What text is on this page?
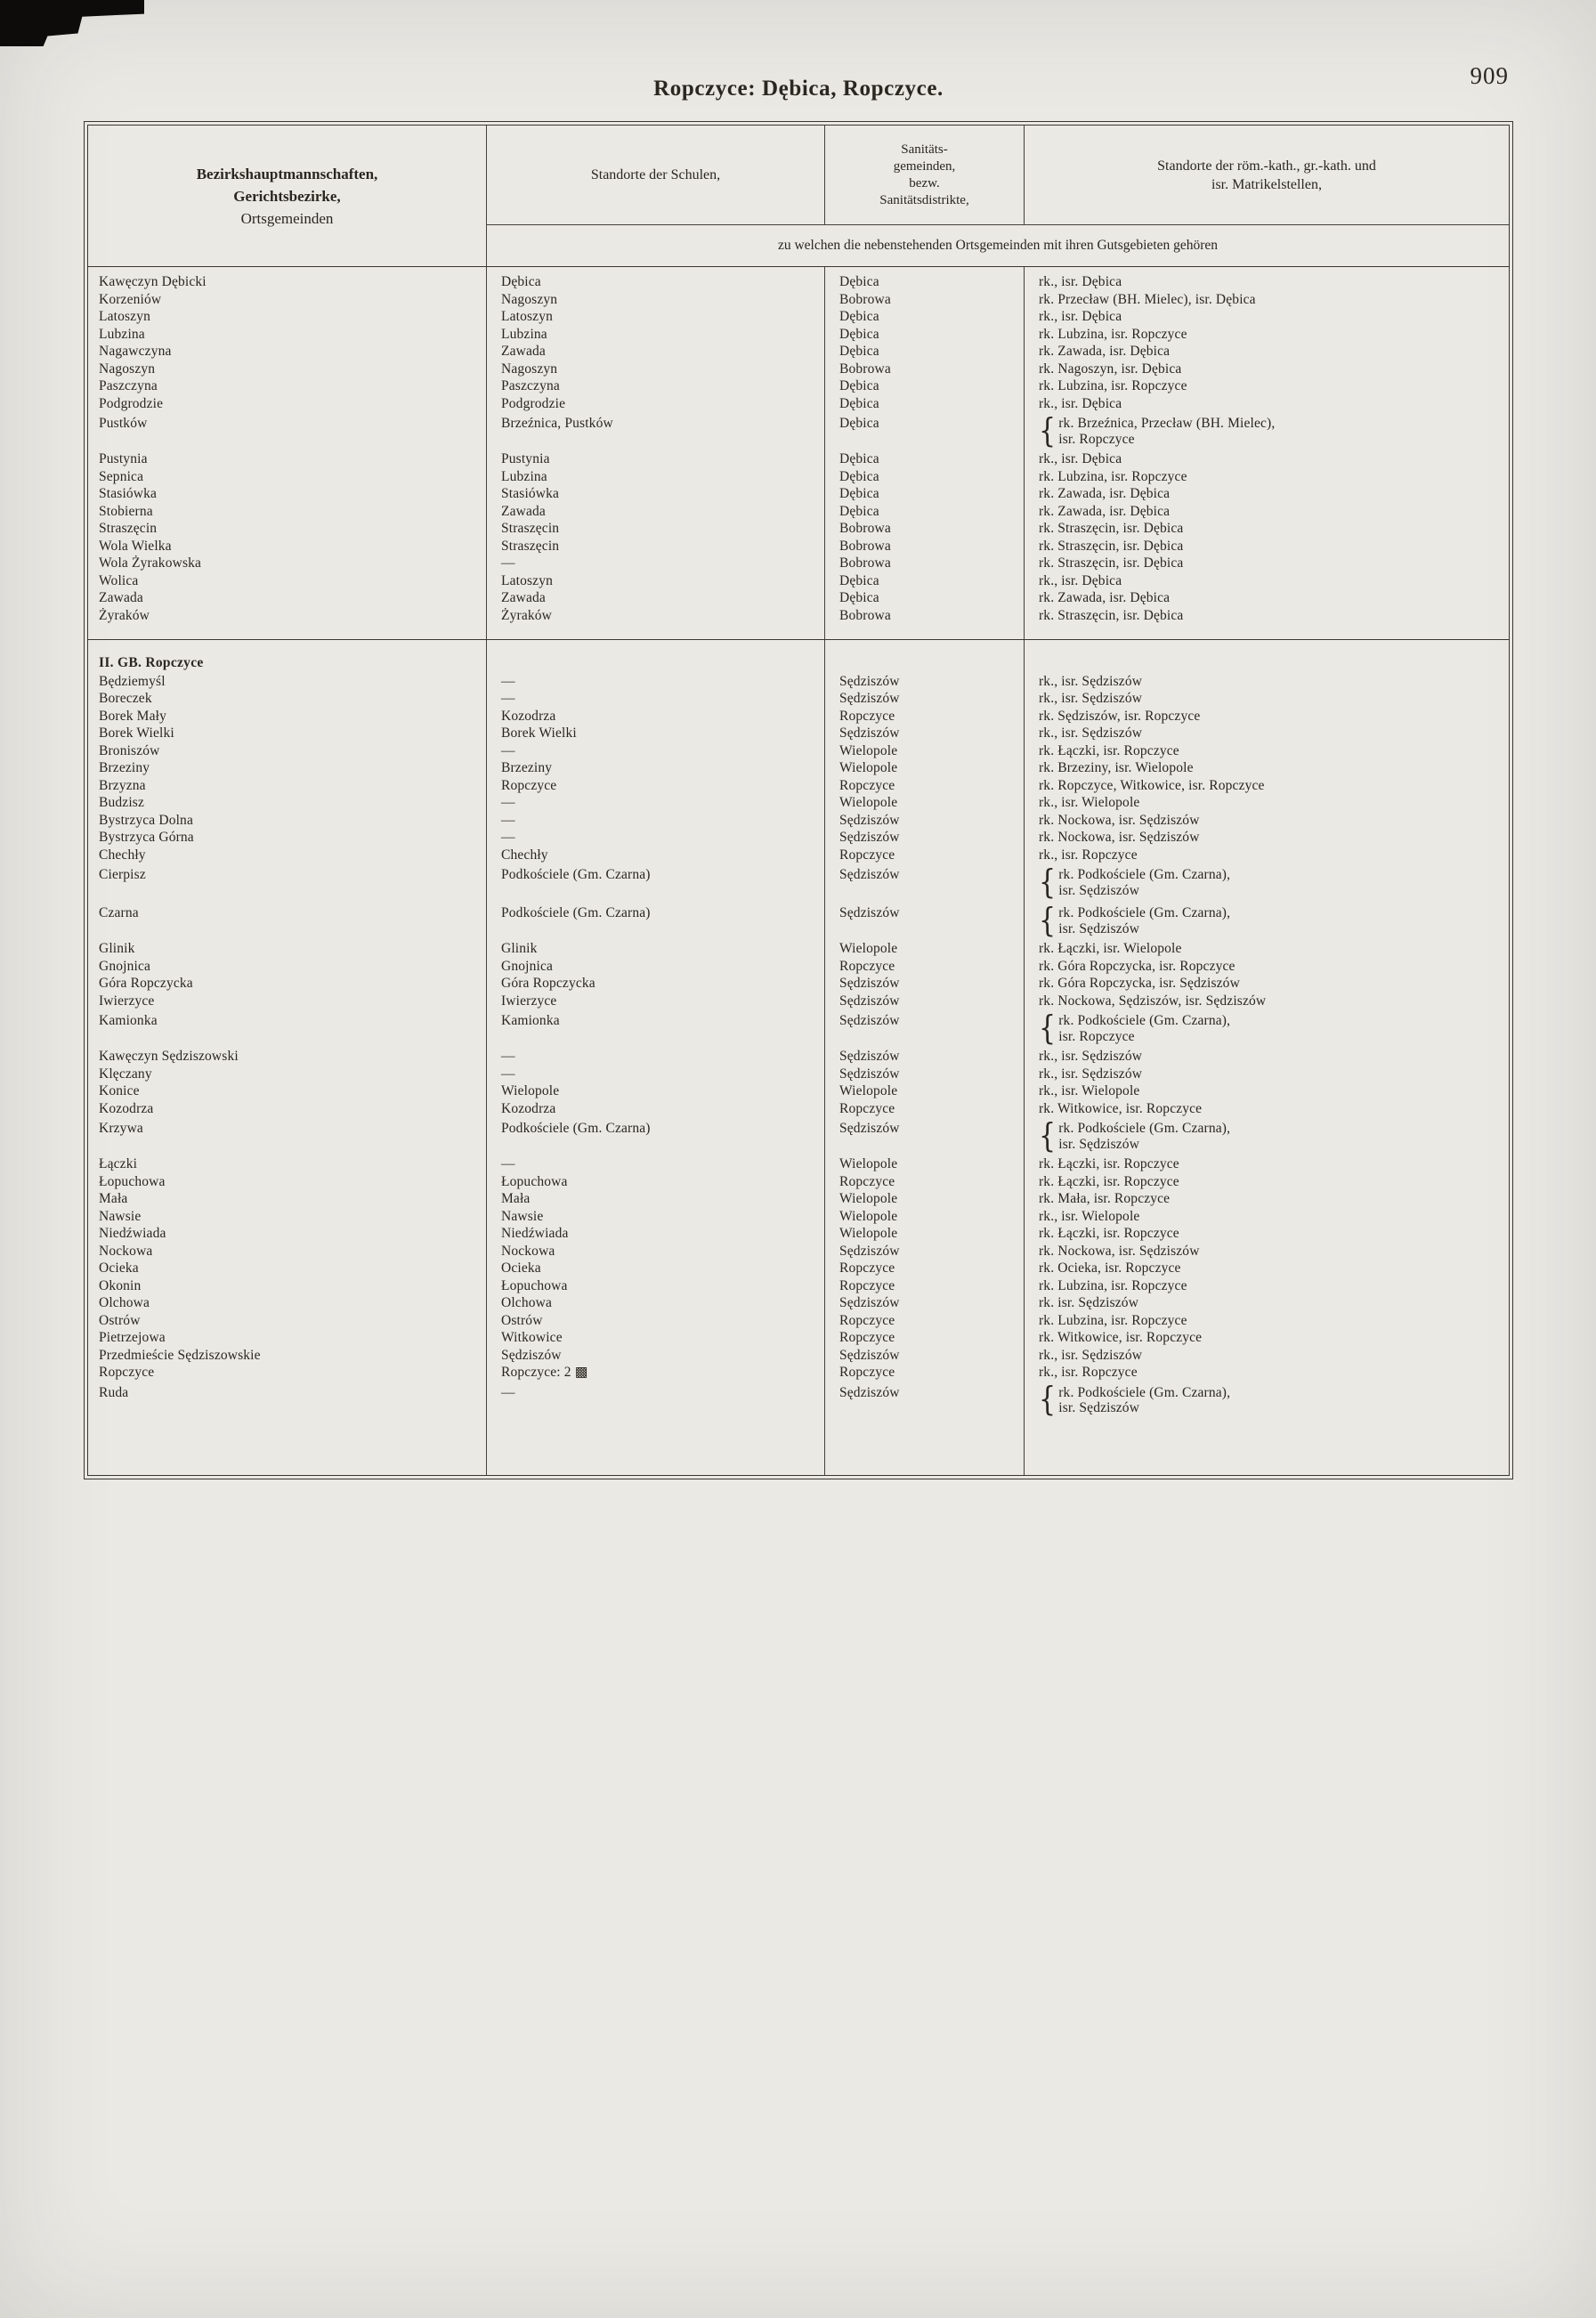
909
Ropczyce: Dębica, Ropczyce.
Bezirkshauptmannschaften,
Gerichtsbezirke,
Ortsgemeinden
Standorte der Schulen,
Sanitäts-
gemeinden,
bezw.
Sanitätsdistrikte,
Standorte der röm.-kath., gr.-kath. und
isr. Matrikelstellen,
zu welchen die nebenstehenden Ortsgemeinden mit ihren Gutsgebieten gehören
Kawęczyn Dębicki	Dębica	Dębica	rk., isr. Dębica
Korzeniów	Nagoszyn	Bobrowa	rk. Przecław (BH. Mielec), isr. Dębica
Latoszyn	Latoszyn	Dębica	rk., isr. Dębica
Lubzina	Lubzina	Dębica	rk. Lubzina, isr. Ropczyce
Nagawczyna	Zawada	Dębica	rk. Zawada, isr. Dębica
Nagoszyn	Nagoszyn	Bobrowa	rk. Nagoszyn, isr. Dębica
Paszczyna	Paszczyna	Dębica	rk. Lubzina, isr. Ropczyce
Podgrodzie	Podgrodzie	Dębica	rk., isr. Dębica
Pustków	Brzeźnica, Pustków	Dębica	{ rk. Brzeźnica, Przecław (BH. Mielec),
isr. Ropczyce
Pustynia	Pustynia	Dębica	rk., isr. Dębica
Sepnica	Lubzina	Dębica	rk. Lubzina, isr. Ropczyce
Stasiówka	Stasiówka	Dębica	rk. Zawada, isr. Dębica
Stobierna	Zawada	Dębica	rk. Zawada, isr. Dębica
Straszęcin	Straszęcin	Bobrowa	rk. Straszęcin, isr. Dębica
Wola Wielka	Straszęcin	Bobrowa	rk. Straszęcin, isr. Dębica
Wola Żyrakowska	—	Bobrowa	rk. Straszęcin, isr. Dębica
Wolica	Latoszyn	Dębica	rk., isr. Dębica
Zawada	Zawada	Dębica	rk. Zawada, isr. Dębica
Żyraków	Żyraków	Bobrowa	rk. Straszęcin, isr. Dębica
II. GB. Ropczyce
Będziemyśl	—	Sędziszów	rk., isr. Sędziszów
Boreczek	—	Sędziszów	rk., isr. Sędziszów
Borek Mały	Kozodrza	Ropczyce	rk. Sędziszów, isr. Ropczyce
Borek Wielki	Borek Wielki	Sędziszów	rk., isr. Sędziszów
Broniszów	—	Wielopole	rk. Łączki, isr. Ropczyce
Brzeziny	Brzeziny	Wielopole	rk. Brzeziny, isr. Wielopole
Brzyzna	Ropczyce	Ropczyce	rk. Ropczyce, Witkowice, isr. Ropczyce
Budzisz	—	Wielopole	rk., isr. Wielopole
Bystrzyca Dolna	—	Sędziszów	rk. Nockowa, isr. Sędziszów
Bystrzyca Górna	—	Sędziszów	rk. Nockowa, isr. Sędziszów
Chechły	Chechły	Ropczyce	rk., isr. Ropczyce
Cierpisz	Podkościele (Gm. Czarna)	Sędziszów	{ rk. Podkościele (Gm. Czarna),
isr. Sędziszów
Czarna	Podkościele (Gm. Czarna)	Sędziszów	{ rk. Podkościele (Gm. Czarna),
isr. Sędziszów
Glinik	Glinik	Wielopole	rk. Łączki, isr. Wielopole
Gnojnica	Gnojnica	Ropczyce	rk. Góra Ropczycka, isr. Ropczyce
Góra Ropczycka	Góra Ropczycka	Sędziszów	rk. Góra Ropczycka, isr. Sędziszów
Iwierzyce	Iwierzyce	Sędziszów	rk. Nockowa, Sędziszów, isr. Sędziszów
Kamionka	Kamionka	Sędziszów	{ rk. Podkościele (Gm. Czarna),
isr. Ropczyce
Kawęczyn Sędziszowski	—	Sędziszów	rk., isr. Sędziszów
Klęczany	—	Sędziszów	rk., isr. Sędziszów
Konice	Wielopole	Wielopole	rk., isr. Wielopole
Kozodrza	Kozodrza	Ropczyce	rk. Witkowice, isr. Ropczyce
Krzywa	Podkościele (Gm. Czarna)	Sędziszów	{ rk. Podkościele (Gm. Czarna),
isr. Sędziszów
Łączki	—	Wielopole	rk. Łączki, isr. Ropczyce
Łopuchowa	Łopuchowa	Ropczyce	rk. Łączki, isr. Ropczyce
Mała	Mała	Wielopole	rk. Mała, isr. Ropczyce
Nawsie	Nawsie	Wielopole	rk., isr. Wielopole
Niedźwiada	Niedźwiada	Wielopole	rk. Łączki, isr. Ropczyce
Nockowa	Nockowa	Sędziszów	rk. Nockowa, isr. Sędziszów
Ocieka	Ocieka	Ropczyce	rk. Ocieka, isr. Ropczyce
Okonin	Łopuchowa	Ropczyce	rk. Lubzina, isr. Ropczyce
Olchowa	Olchowa	Sędziszów	rk. isr. Sędziszów
Ostrów	Ostrów	Ropczyce	rk. Lubzina, isr. Ropczyce
Pietrzejowa	Witkowice	Ropczyce	rk. Witkowice, isr. Ropczyce
Przedmieście Sędziszowskie	Sędziszów	Sędziszów	rk., isr. Sędziszów
Ropczyce	Ropczyce: 2 ▩	Ropczyce	rk., isr. Ropczyce
Ruda	—	Sędziszów	{ rk. Podkościele (Gm. Czarna),
isr. Sędziszów
